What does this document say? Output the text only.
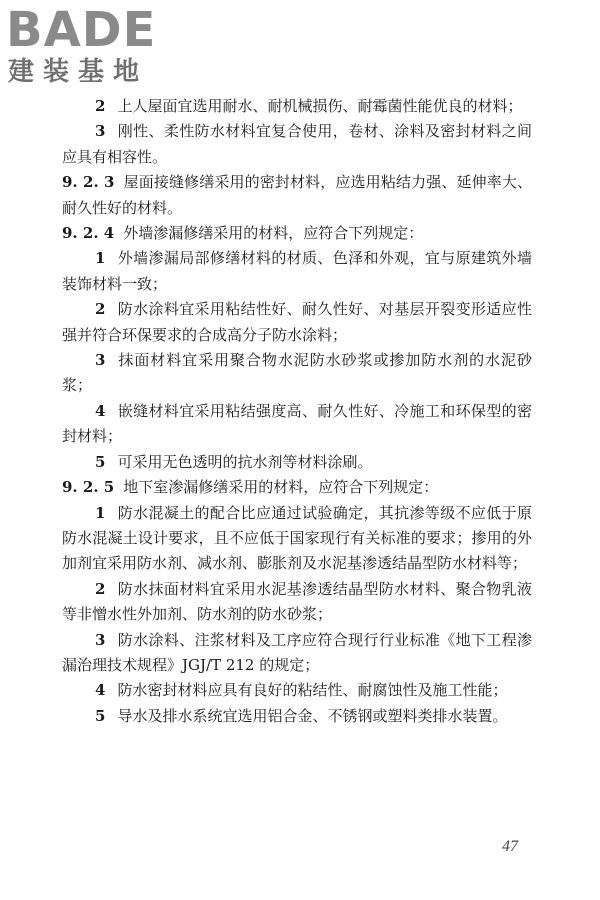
BADE
建装基地

2 上人屋面宜选用耐水、耐机械损伤、耐霉菌性能优良的材料；

3 刚性、柔性防水材料宜复合使用，卷材、涂料及密封材料之间应具有相容性。

9. 2. 3 屋面接缝修缮采用的密封材料，应选用粘结力强、延伸率大、耐久性好的材料。

9. 2. 4 外墙渗漏修缮采用的材料，应符合下列规定：

1 外墙渗漏局部修缮材料的材质、色泽和外观，宜与原建筑外墙装饰材料一致；

2 防水涂料宜采用粘结性好、耐久性好、对基层开裂变形适应性强并符合环保要求的合成高分子防水涂料；

3 抹面材料宜采用聚合物水泥防水砂浆或掺加防水剂的水泥砂浆；

4 嵌缝材料宜采用粘结强度高、耐久性好、冷施工和环保型的密封材料；

5 可采用无色透明的抗水剂等材料涂刷。

9. 2. 5 地下室渗漏修缮采用的材料，应符合下列规定：

1 防水混凝土的配合比应通过试验确定，其抗渗等级不应低于原防水混凝土设计要求，且不应低于国家现行有关标准的要求；掺用的外加剂宜采用防水剂、减水剂、膨胀剂及水泥基渗透结晶型防水材料等；

2 防水抹面材料宜采用水泥基渗透结晶型防水材料、聚合物乳液等非憎水性外加剂、防水剂的防水砂浆；

3 防水涂料、注浆材料及工序应符合现行行业标准《地下工程渗漏治理技术规程》JGJ/T 212 的规定；

4 防水密封材料应具有良好的粘结性、耐腐蚀性及施工性能；

5 导水及排水系统宜选用铝合金、不锈钢或塑料类排水装置。

47
